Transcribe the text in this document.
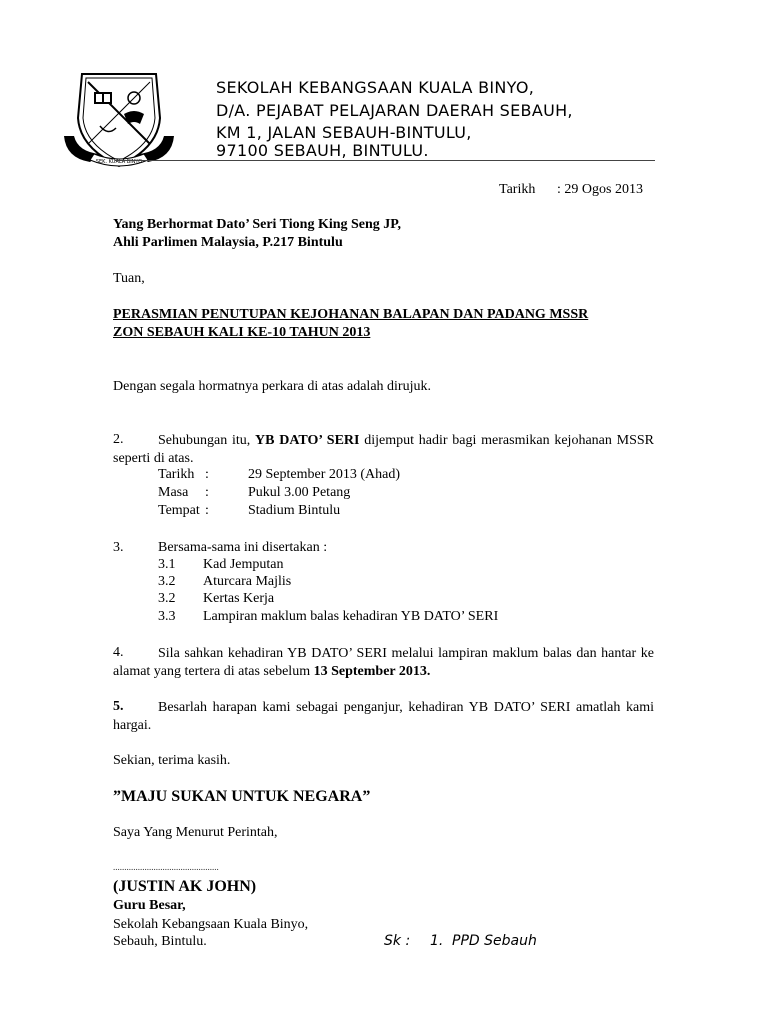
SEK. KUALA BINYO
SEKOLAH KEBANGSAAN KUALA BINYO,
D/A. PEJABAT PELAJARAN DAERAH SEBAUH,
KM 1, JALAN SEBAUH-BINTULU,
97100 SEBAUH, BINTULU.
Tarikh : 29 Ogos 2013
Yang Berhormat Dato’ Seri Tiong King Seng JP,
Ahli Parlimen Malaysia, P.217 Bintulu
Tuan,
PERASMIAN PENUTUPAN KEJOHANAN BALAPAN DAN PADANG MSSR
ZON SEBAUH KALI KE-10 TAHUN 2013
Dengan segala hormatnya perkara di atas adalah dirujuk.
2.	Sehubungan itu, YB DATO’ SERI dijemput hadir bagi merasmikan kejohanan MSSR seperti di atas.
Tarikh :	29 September 2013 (Ahad)
Masa :	Pukul 3.00 Petang
Tempat :	Stadium Bintulu
3. Bersama-sama ini disertakan :
3.1 Kad Jemputan
3.2 Aturcara Majlis
3.2 Kertas Kerja
3.3 Lampiran maklum balas kehadiran YB DATO’ SERI
4.	Sila sahkan kehadiran YB DATO’ SERI melalui lampiran maklum balas dan hantar ke alamat yang tertera di atas sebelum 13 September 2013.
5.	Besarlah harapan kami sebagai penganjur, kehadiran YB DATO’ SERI amatlah kami hargai.
Sekian, terima kasih.
”MAJU SUKAN UNTUK NEGARA”
Saya Yang Menurut Perintah,
...............................................
(JUSTIN AK JOHN)
Guru Besar,
Sekolah Kebangsaan Kuala Binyo,
Sebauh, Bintulu.	Sk : 1. PPD Sebauh
